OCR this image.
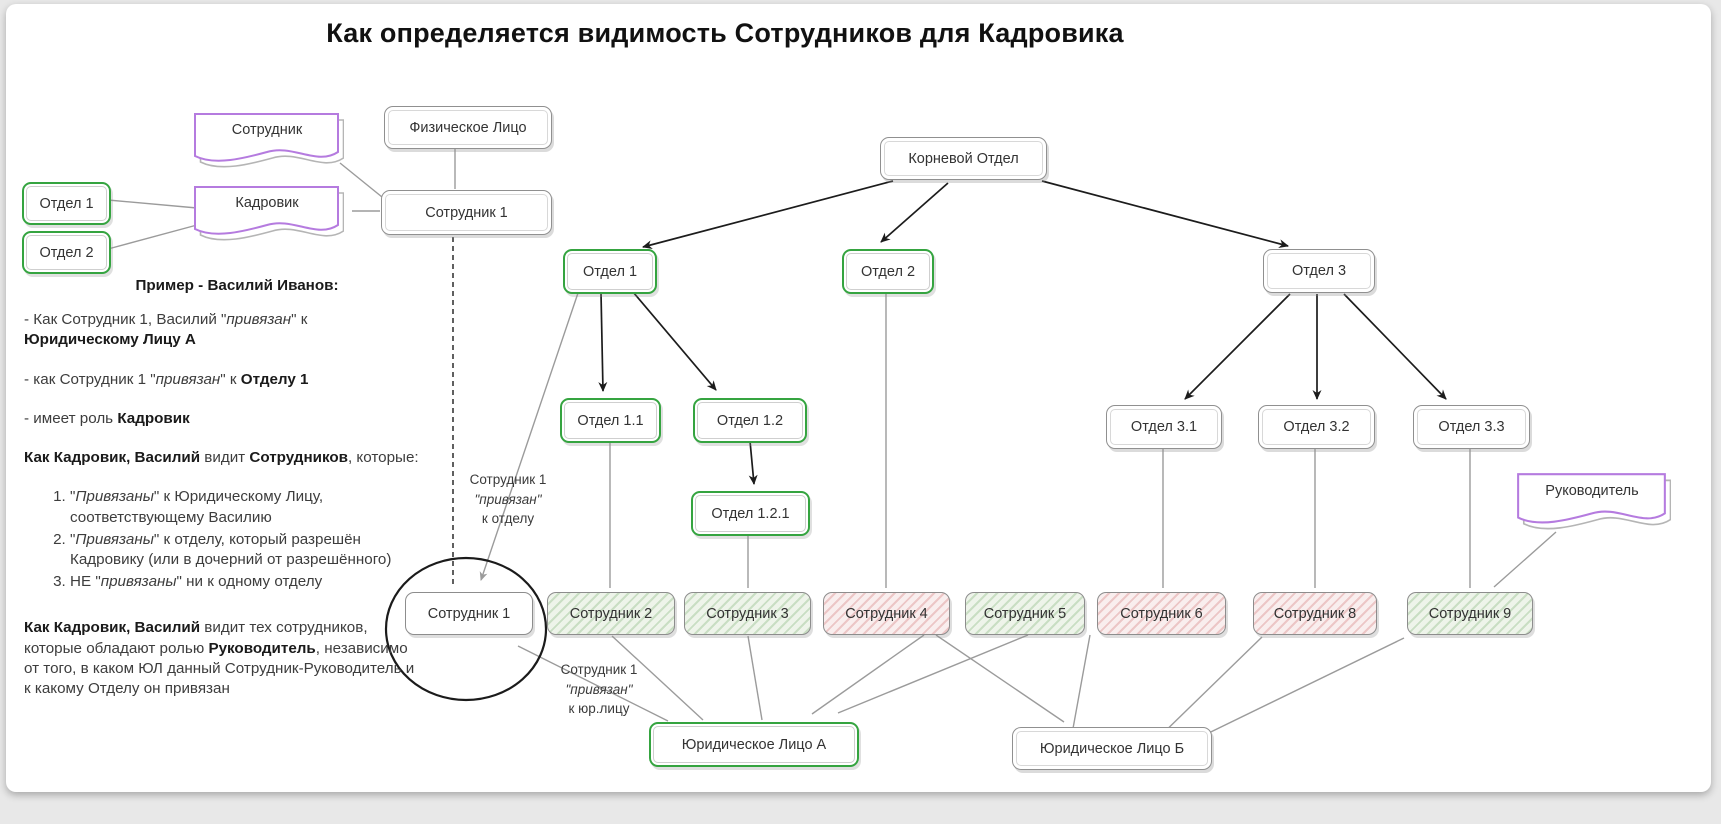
Как определяется видимость Сотрудников для Кадровика
Сотрудник
Кадровик
Руководитель
Отдел 1
Отдел 2
Физическое Лицо
Сотрудник 1
Корневой Отдел
Отдел 1	Отдел 2	Отдел 3
Отдел 1.1	Отдел 1.2
Отдел 1.2.1
Отдел 3.1	Отдел 3.2	Отдел 3.3
Сотрудник 1	Сотрудник 2	Сотрудник 3	Сотрудник 4	Сотрудник 5	Сотрудник 6	Сотрудник 8	Сотрудник 9
Юридическое Лицо А	Юридическое Лицо Б
Сотрудник 1
"привязан"
к отделу
Сотрудник 1
"привязан"
к юр.лицу
Пример - Василий Иванов:

- Как Сотрудник 1, Василий "привязан" к Юридическому Лицу А

- как Сотрудник 1 "привязан" к Отделу 1

- имеет роль Кадровик

Как Кадровик, Василий видит Сотрудников, которые:

1. "Привязаны" к Юридическому Лицу, соответствующему Василию
2. "Привязаны" к отделу, который разрешён Кадровику (или в дочерний от разрешённого)
3. НЕ "привязаны" ни к одному отделу

Как Кадровик, Василий видит тех сотрудников, которые обладают ролью Руководитель, независимо от того, в каком ЮЛ данный Сотрудник-Руководитель и к какому Отделу он привязан
